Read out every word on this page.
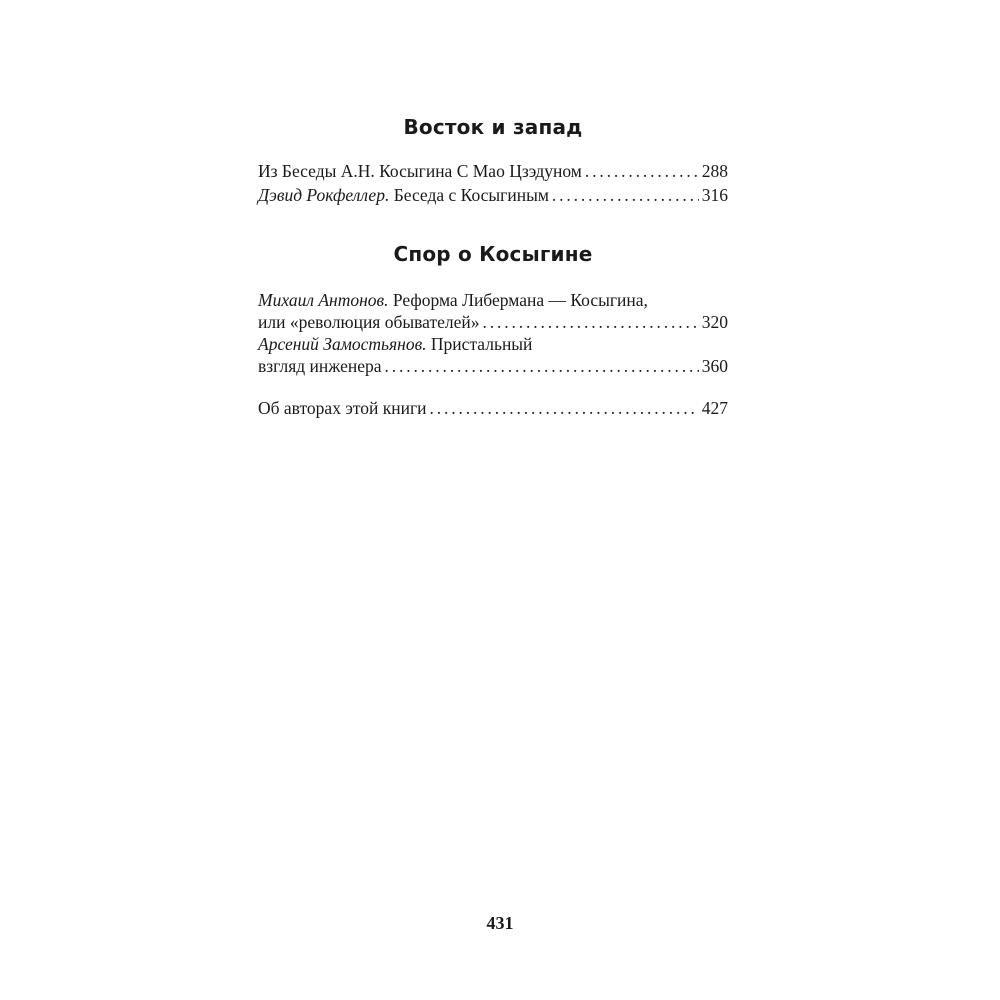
Восток и запад
Из Беседы А.Н. Косыгина С Мао Цзэдуном . . .	288
Дэвид Рокфеллер. Беседа с Косыгиным . . .	316
Спор о Косыгине
Михаил Антонов. Реформа Либермана — Косыгина,
или «революция обывателей» . . .	320
Арсений Замостьянов. Пристальный
взгляд инженера . . .	360
Об авторах этой книги . . .	427
431
